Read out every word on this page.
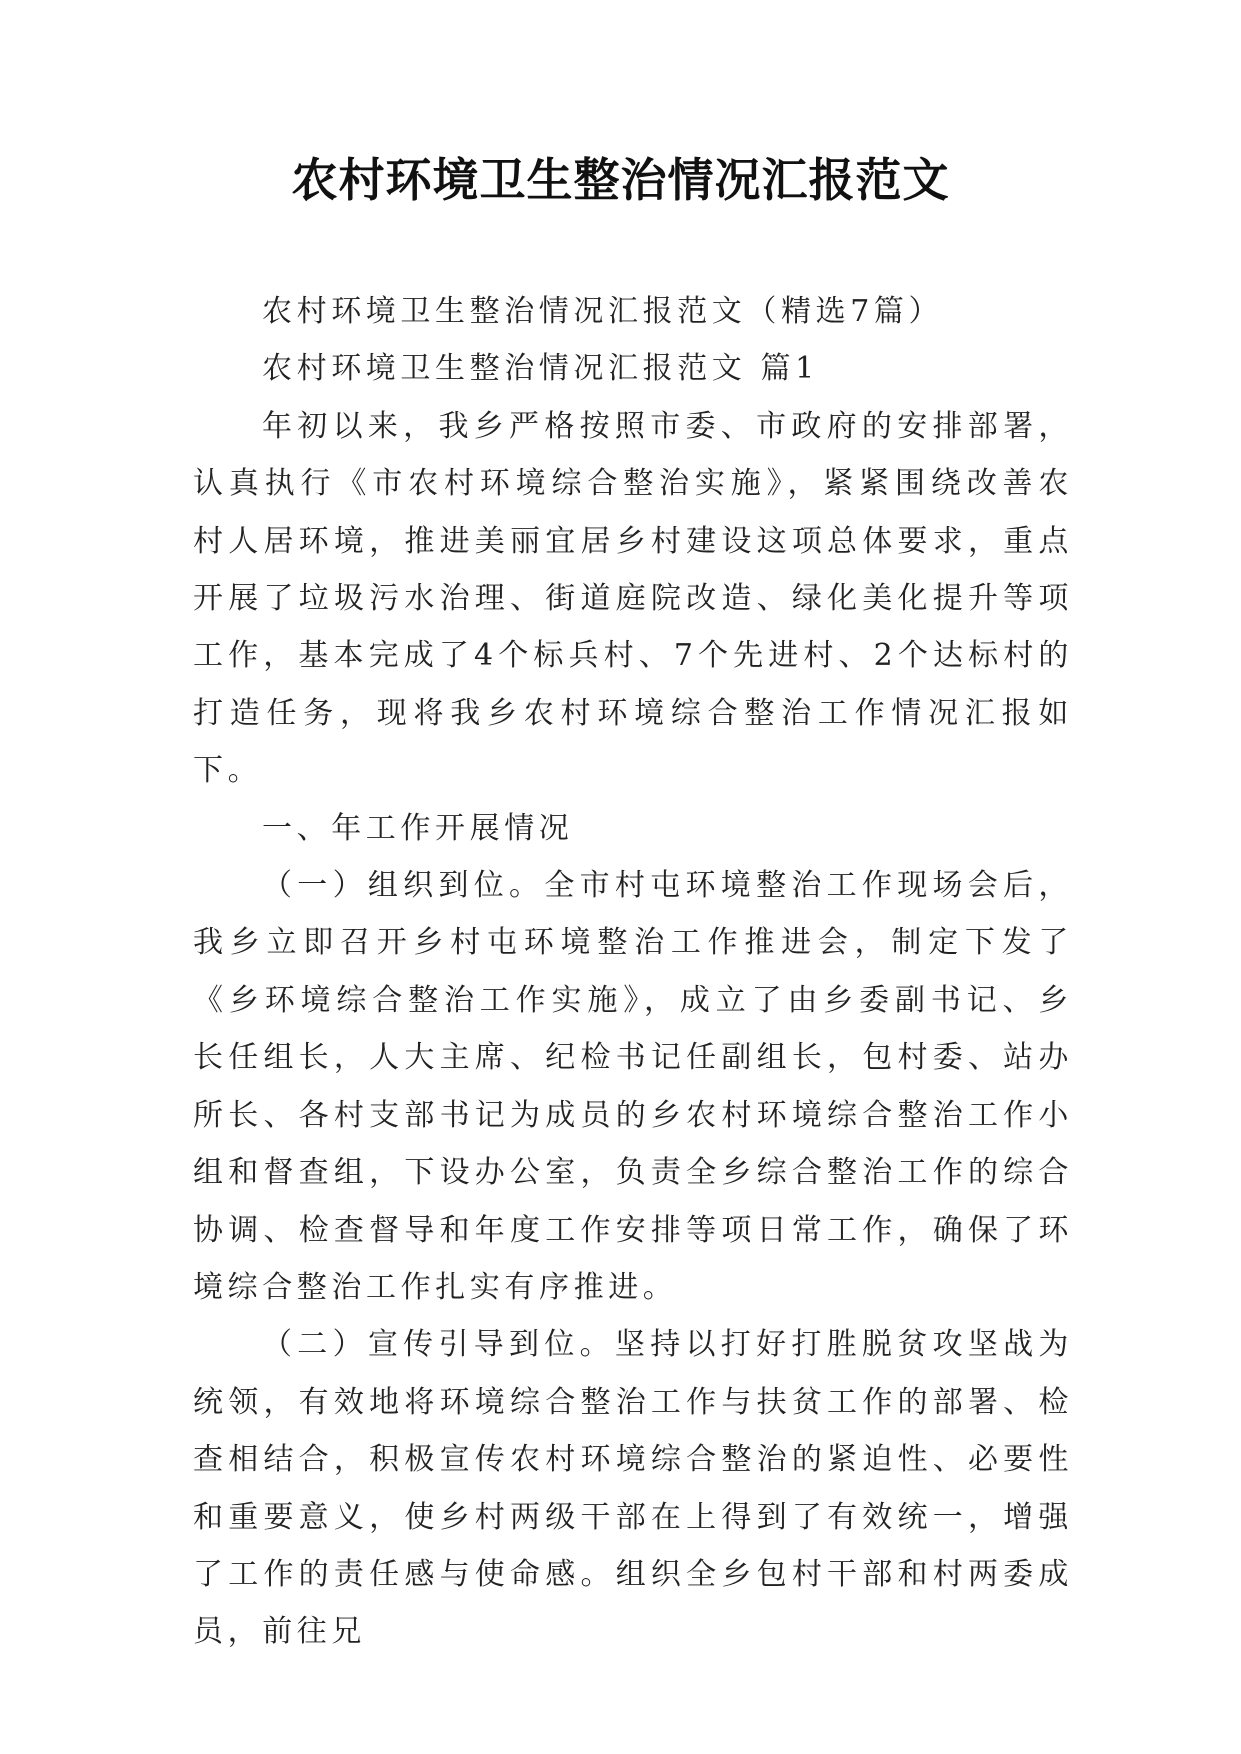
农村环境卫生整治情况汇报范文

农村环境卫生整治情况汇报范文（精选7篇）

农村环境卫生整治情况汇报范文 篇1

年初以来，我乡严格按照市委、市政府的安排部署，认真执行《市农村环境综合整治实施》，紧紧围绕改善农村人居环境，推进美丽宜居乡村建设这项总体要求，重点开展了垃圾污水治理、街道庭院改造、绿化美化提升等项工作，基本完成了4个标兵村、7个先进村、2个达标村的打造任务，现将我乡农村环境综合整治工作情况汇报如下。

一、年工作开展情况

（一）组织到位。全市村屯环境整治工作现场会后，我乡立即召开乡村屯环境整治工作推进会，制定下发了《乡环境综合整治工作实施》，成立了由乡委副书记、乡长任组长，人大主席、纪检书记任副组长，包村委、站办所长、各村支部书记为成员的乡农村环境综合整治工作小组和督查组，下设办公室，负责全乡综合整治工作的综合协调、检查督导和年度工作安排等项日常工作，确保了环境综合整治工作扎实有序推进。

（二）宣传引导到位。坚持以打好打胜脱贫攻坚战为统领，有效地将环境综合整治工作与扶贫工作的部署、检查相结合，积极宣传农村环境综合整治的紧迫性、必要性和重要意义，使乡村两级干部在上得到了有效统一，增强了工作的责任感与使命感。组织全乡包村干部和村两委成员，前往兄
